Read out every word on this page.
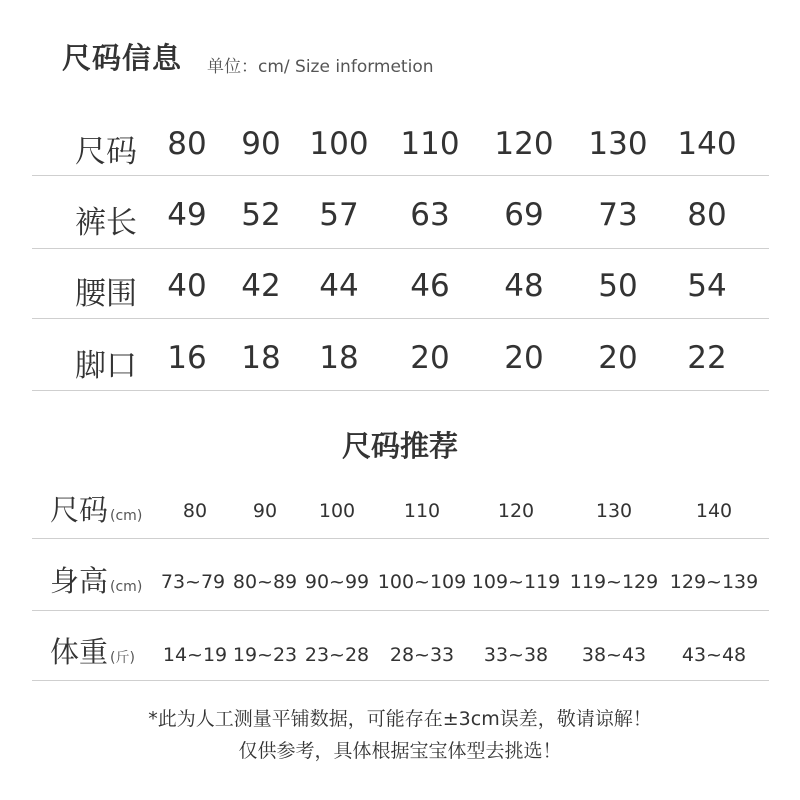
尺码信息 单位：cm/ Size informetion
尺码 80 90 100 110 120 130 140
裤长 49 52 57 63 69 73 80
腰围 40 42 44 46 48 50 54
脚口 16 18 18 20 20 20 22
尺码推荐
尺码 (cm) 80 90 100	110	120	130	140
身高 (cm) 73~79 80~89 90~99 100~109 109~119 119~129 129~139
体重 (斤) 14~19 19~23 23~28 28~33 33~38 38~43 43~48
*此为人工测量平铺数据，可能存在±3cm误差，敬请谅解！
仅供参考，具体根据宝宝体型去挑选！
